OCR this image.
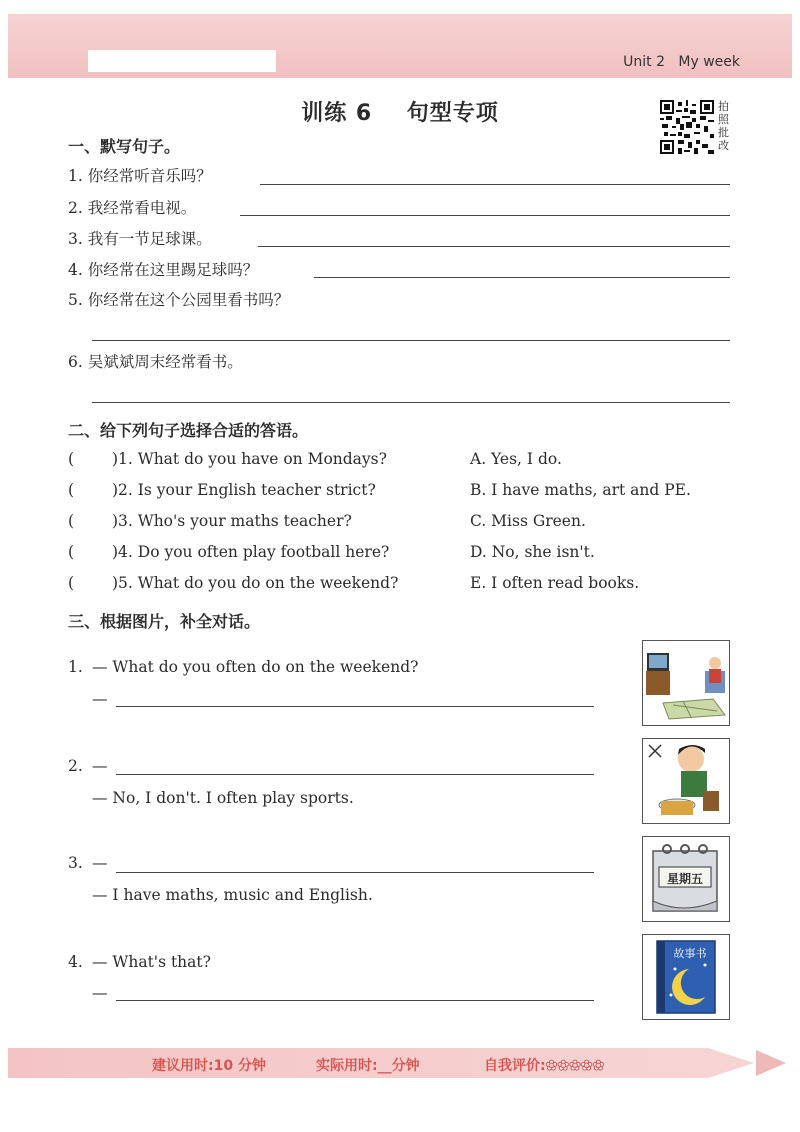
Unit 2 My week
训练 6    句型专项	拍
照
批
改
一、默写句子。
1. 你经常听音乐吗？
2. 我经常看电视。
3. 我有一节足球课。
4. 你经常在这里踢足球吗？
5. 你经常在这个公园里看书吗？
6. 吴斌斌周末经常看书。
二、给下列句子选择合适的答语。
( )1. What do you have on Mondays?	A. Yes, I do.
( )2. Is your English teacher strict?	B. I have maths, art and PE.
( )3. Who's your maths teacher?	C. Miss Green.
( )4. Do you often play football here?	D. No, she isn't.
( )5. What do you do on the weekend?	E. I often read books.
三、根据图片，补全对话。
1. — What do you often do on the weekend?
—
2. —
— No, I don't. I often play sports.
3. —
— I have maths, music and English.
星期五
4. — What's that?
—
故事书
建议用时:10 分钟	实际用时:__分钟	自我评价:✿✿✿✿✿
